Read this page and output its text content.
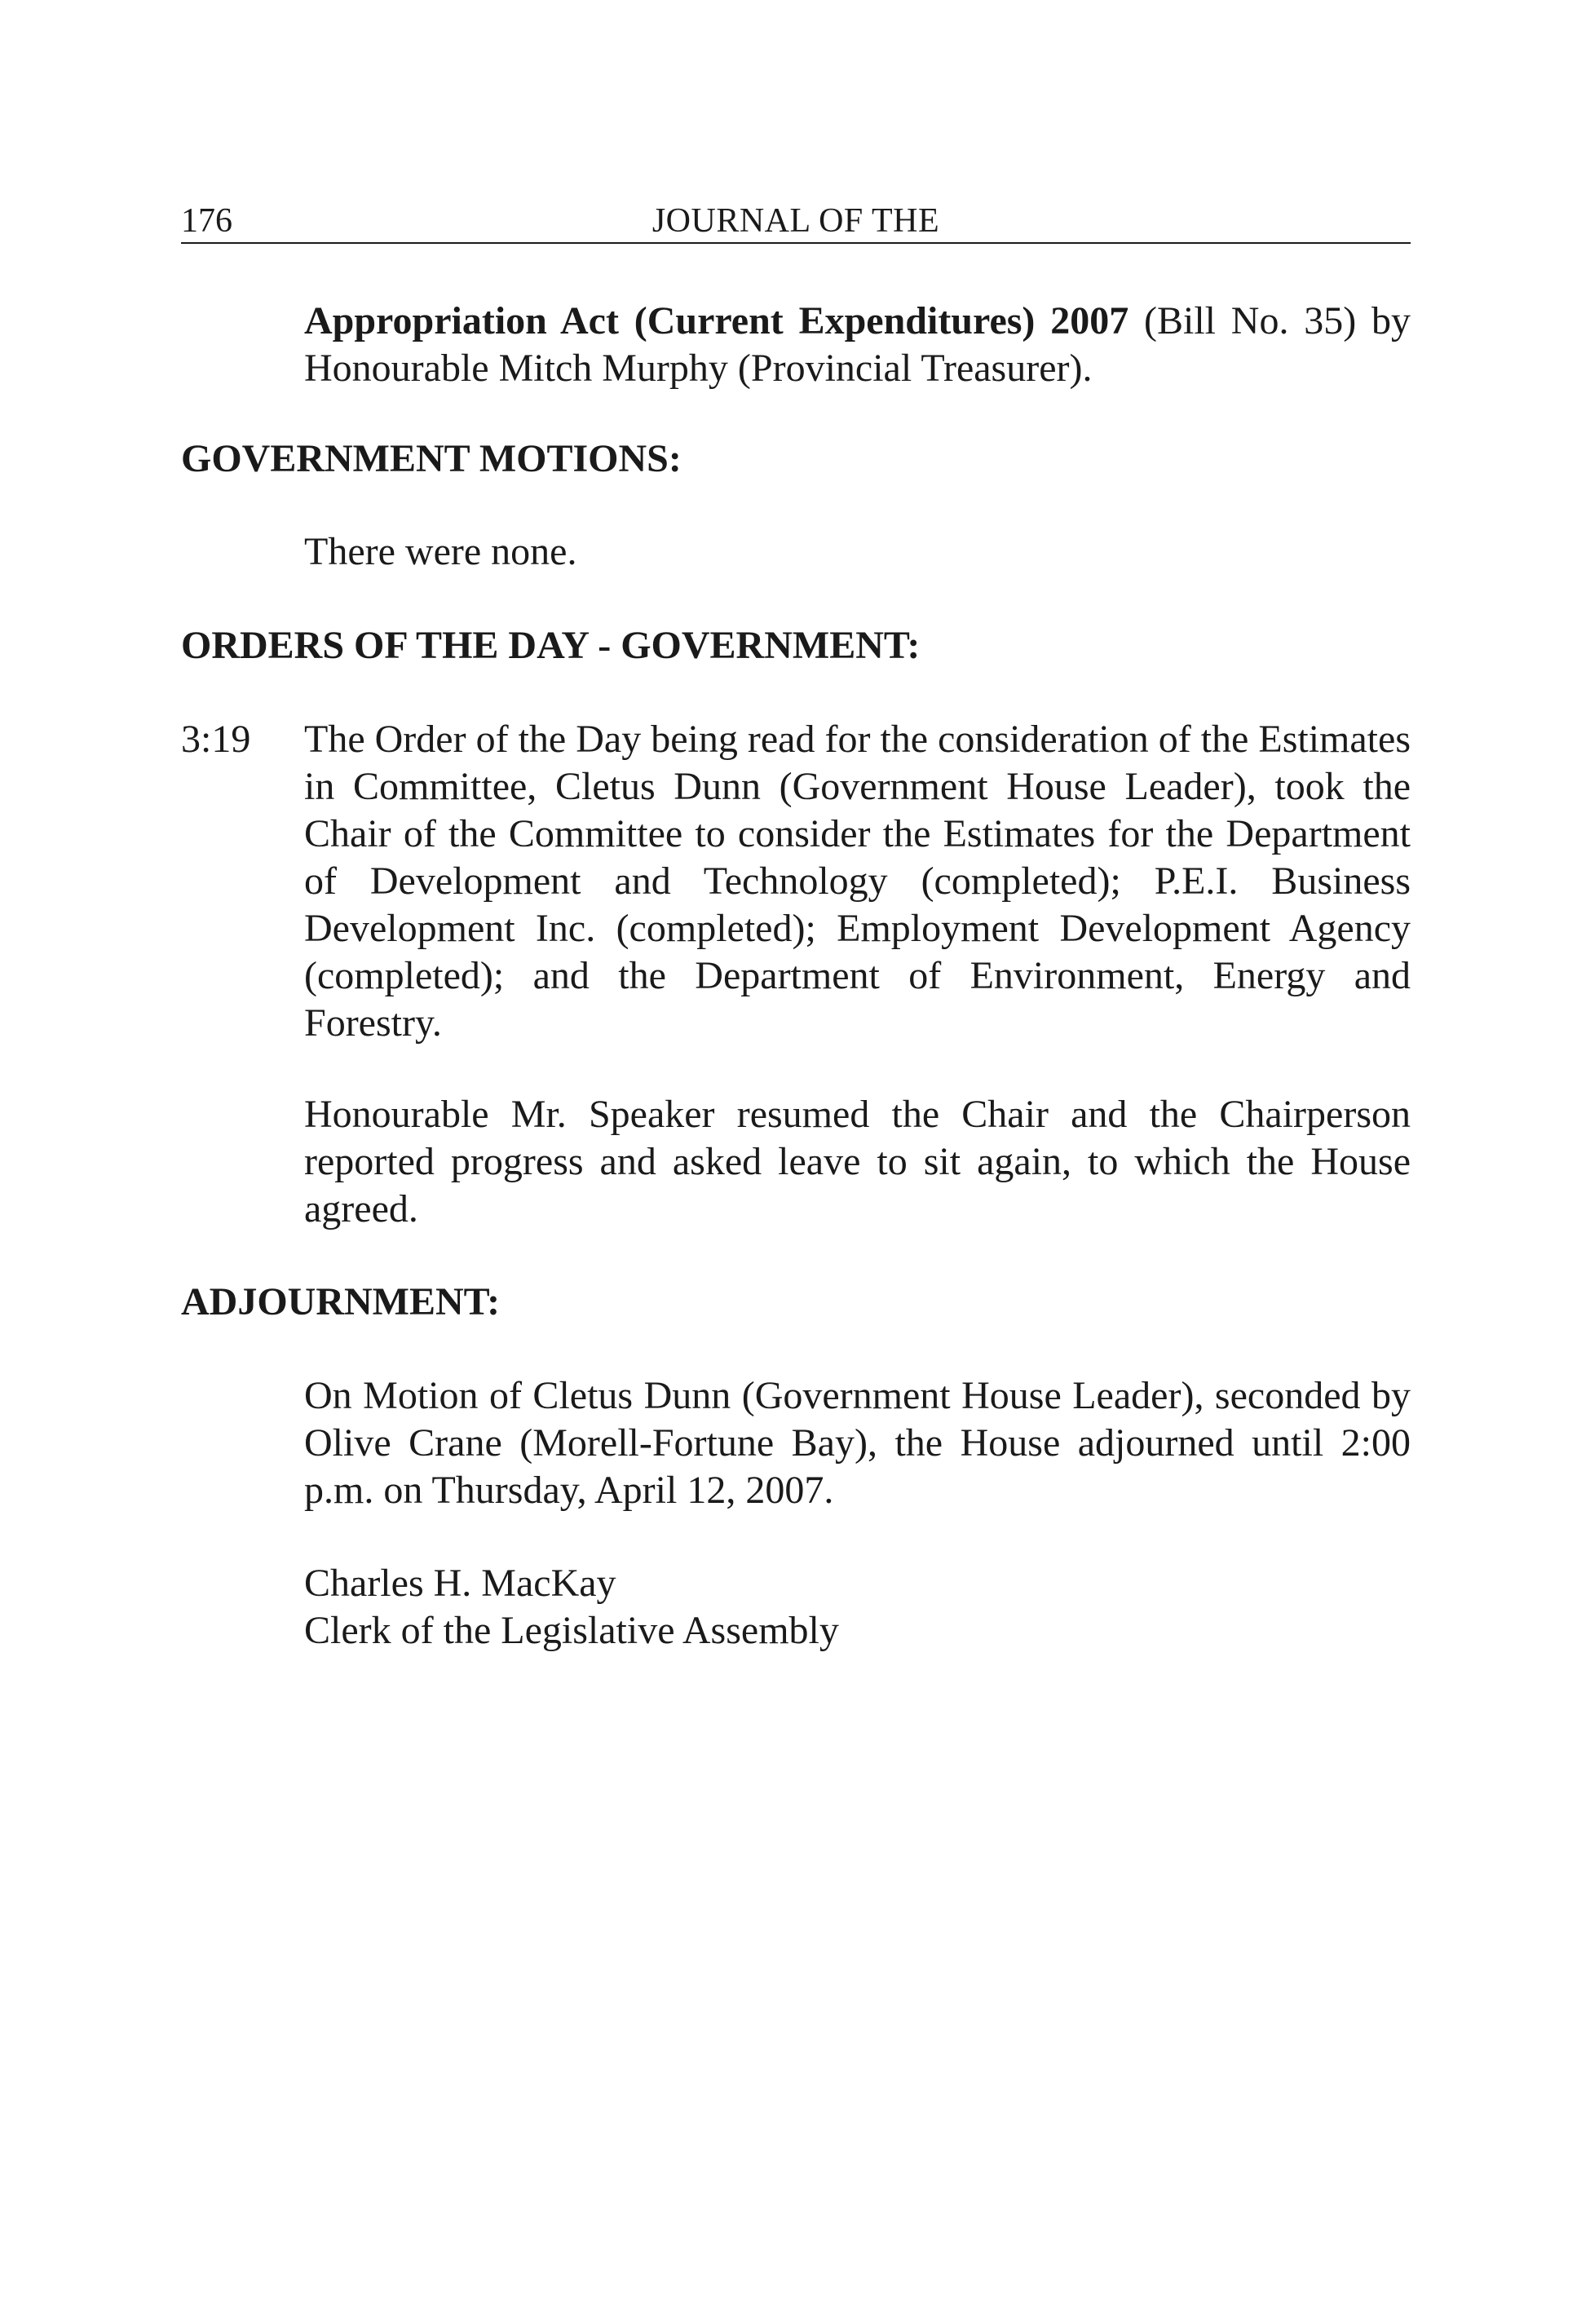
176	JOURNAL OF THE

Appropriation Act (Current Expenditures) 2007 (Bill No. 35) by Honourable Mitch Murphy (Provincial Treasurer).

GOVERNMENT MOTIONS:

There were none.

ORDERS OF THE DAY - GOVERNMENT:
3:19 The Order of the Day being read for the consideration of the Estimates in Committee, Cletus Dunn (Government House Leader), took the Chair of the Committee to consider the Estimates for the Department of Development and Technology (completed); P.E.I. Business Development Inc. (completed); Employment Development Agency (completed); and the Department of Environment, Energy and Forestry.

Honourable Mr. Speaker resumed the Chair and the Chairperson reported progress and asked leave to sit again, to which the House agreed.

ADJOURNMENT:

On Motion of Cletus Dunn (Government House Leader), seconded by Olive Crane (Morell-Fortune Bay), the House adjourned until 2:00 p.m. on Thursday, April 12, 2007.

Charles H. MacKay
Clerk of the Legislative Assembly
